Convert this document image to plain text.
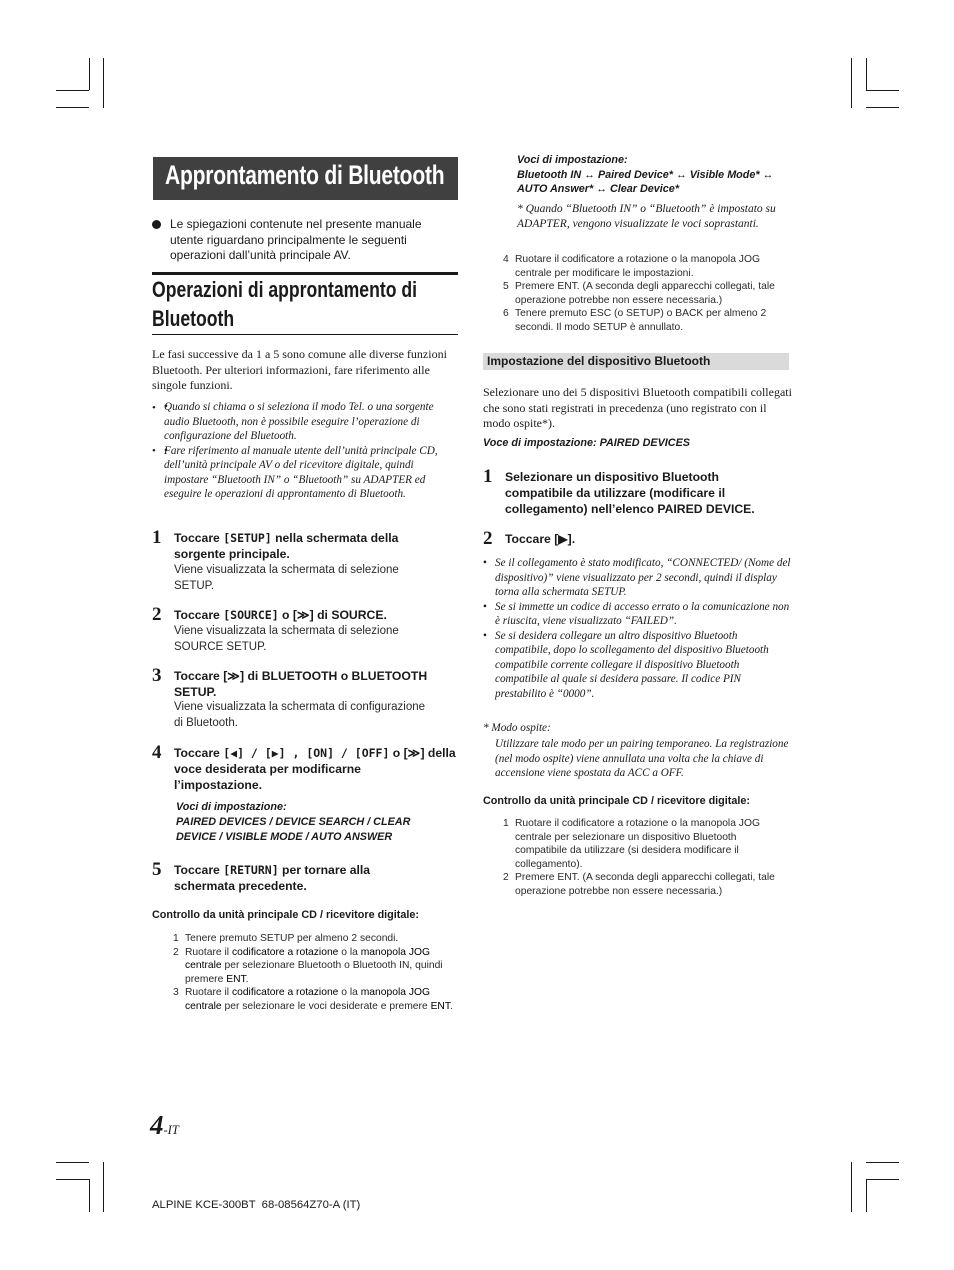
Approntamento di Bluetooth
Le spiegazioni contenute nel presente manuale utente riguardano principalmente le seguenti operazioni dall’unità principale AV.
Operazioni di approntamento di Bluetooth
Le fasi successive da 1 a 5 sono comune alle diverse funzioni Bluetooth. Per ulteriori informazioni, fare riferimento alle singole funzioni.
• Quando si chiama o si seleziona il modo Tel. o una sorgente audio Bluetooth, non è possibile eseguire l’operazione di configurazione del Bluetooth.
• Fare riferimento al manuale utente dell’unità principale CD, dell’unità principale AV o del ricevitore digitale, quindi impostare “Bluetooth IN” o “Bluetooth” su ADAPTER ed eseguire le operazioni di approntamento di Bluetooth.
•
•
1 Toccare [SETUP] nella schermata della
sorgente principale.
Viene visualizzata la schermata di selezione
SETUP.
2 Toccare [SOURCE] o [≫] di SOURCE.
Viene visualizzata la schermata di selezione
SOURCE SETUP.
3 Toccare [≫] di BLUETOOTH o BLUETOOTH
SETUP.
Viene visualizzata la schermata di configurazione
di Bluetooth.
4 Toccare [◀] / [▶] , [ON] / [OFF] o [≫] della
voce desiderata per modificarne
l’impostazione.
Voci di impostazione:
PAIRED DEVICES / DEVICE SEARCH / CLEAR
DEVICE / VISIBLE MODE / AUTO ANSWER
5 Toccare [RETURN] per tornare alla
schermata precedente.
Controllo da unità principale CD / ricevitore digitale:
1 Tenere premuto SETUP per almeno 2 secondi.
2 Ruotare il codificatore a rotazione o la manopola JOG centrale per selezionare Bluetooth o Bluetooth IN, quindi premere ENT.
3 Ruotare il codificatore a rotazione o la manopola JOG centrale per selezionare le voci desiderate e premere ENT.
Voci di impostazione:
Bluetooth IN ↔ Paired Device* ↔ Visible Mode* ↔
AUTO Answer* ↔ Clear Device*
* Quando “Bluetooth IN” o “Bluetooth” è impostato su ADAPTER, vengono visualizzate le voci soprastanti.
4 Ruotare il codificatore a rotazione o la manopola JOG centrale per modificare le impostazioni.
5 Premere ENT. (A seconda degli apparecchi collegati, tale operazione potrebbe non essere necessaria.)
6 Tenere premuto ESC (o SETUP) o BACK per almeno 2 secondi. Il modo SETUP è annullato.
Impostazione del dispositivo Bluetooth
Selezionare uno dei 5 dispositivi Bluetooth compatibili collegati che sono stati registrati in precedenza (uno registrato con il modo ospite*).
Voce di impostazione: PAIRED DEVICES
1 Selezionare un dispositivo Bluetooth
compatibile da utilizzare (modificare il
collegamento) nell’elenco PAIRED DEVICE.
2 Toccare [▶].
• Se il collegamento è stato modificato, “CONNECTED/ (Nome del dispositivo)” viene visualizzato per 2 secondi, quindi il display torna alla schermata SETUP.
• Se si immette un codice di accesso errato o la comunicazione non è riuscita, viene visualizzato “FAILED”.
• Se si desidera collegare un altro dispositivo Bluetooth compatibile, dopo lo scollegamento del dispositivo Bluetooth compatibile corrente collegare il dispositivo Bluetooth compatibile al quale si desidera passare. Il codice PIN prestabilito è “0000”.
* Modo ospite:
Utilizzare tale modo per un pairing temporaneo. La registrazione (nel modo ospite) viene annullata una volta che la chiave di accensione viene spostata da ACC a OFF.
Controllo da unità principale CD / ricevitore digitale:
1 Ruotare il codificatore a rotazione o la manopola JOG centrale per selezionare un dispositivo Bluetooth compatibile da utilizzare (si desidera modificare il collegamento).
2 Premere ENT. (A seconda degli apparecchi collegati, tale operazione potrebbe non essere necessaria.)
4-IT
ALPINE KCE-300BT  68-08564Z70-A (IT)
